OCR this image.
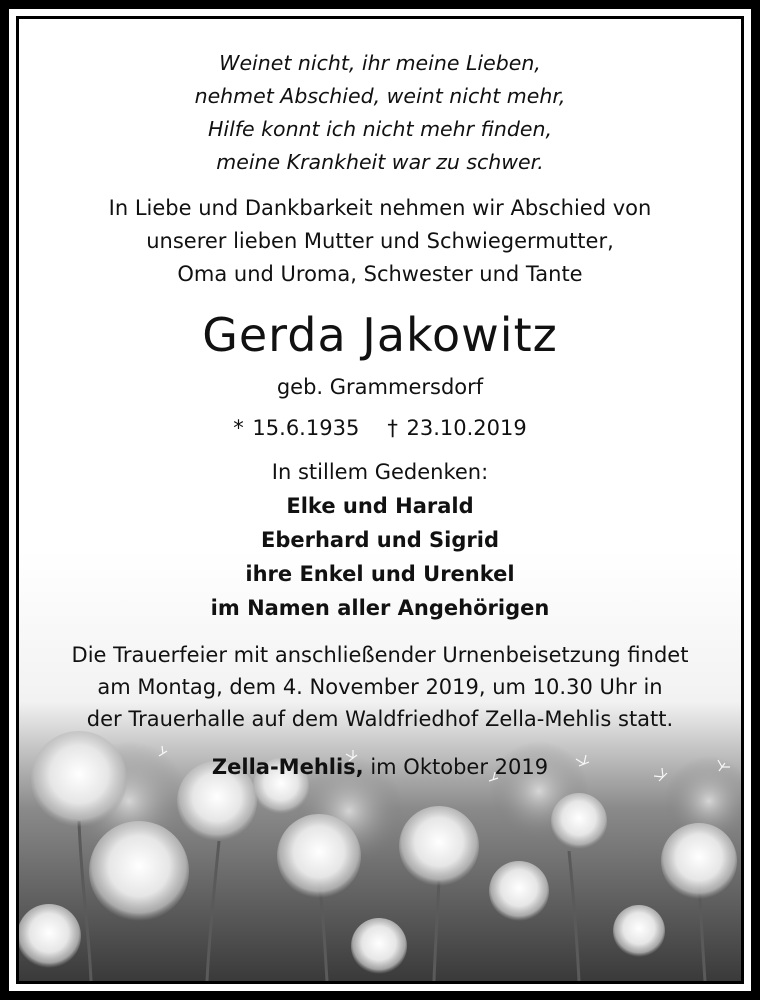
Weinet nicht, ihr meine Lieben,
nehmet Abschied, weint nicht mehr,
Hilfe konnt ich nicht mehr finden,
meine Krankheit war zu schwer.
In Liebe und Dankbarkeit nehmen wir Abschied von
unserer lieben Mutter und Schwiegermutter,
Oma und Uroma, Schwester und Tante
Gerda Jakowitz
geb. Grammersdorf
* 15.6.1935 † 23.10.2019
In stillem Gedenken:
Elke und Harald
Eberhard und Sigrid
ihre Enkel und Urenkel
im Namen aller Angehörigen
Die Trauerfeier mit anschließender Urnenbeisetzung findet
am Montag, dem 4. November 2019, um 10.30 Uhr in
der Trauerhalle auf dem Waldfriedhof Zella-Mehlis statt.
Zella-Mehlis, im Oktober 2019
